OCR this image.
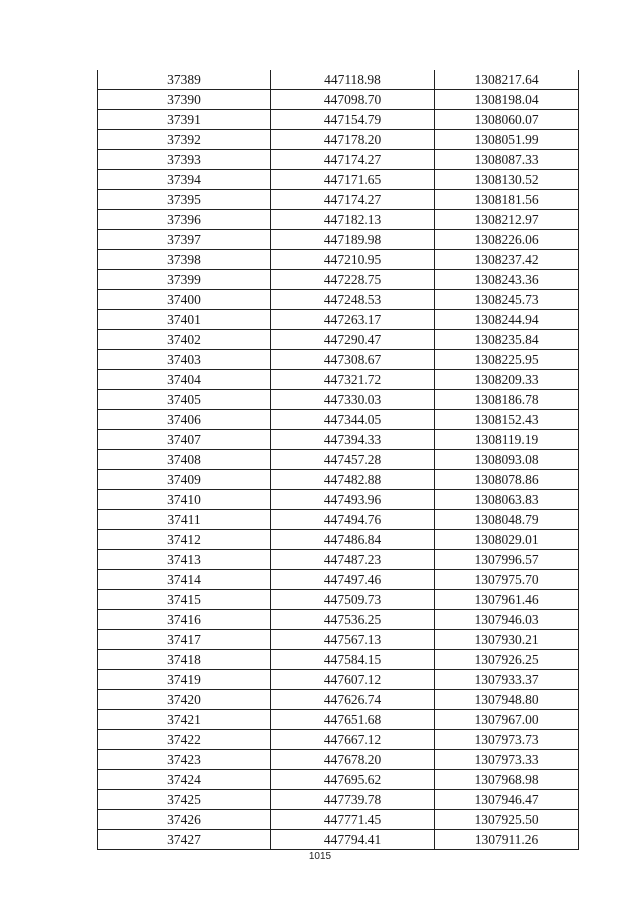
37389	447118.98	1308217.64
37390	447098.70	1308198.04
37391	447154.79	1308060.07
37392	447178.20	1308051.99
37393	447174.27	1308087.33
37394	447171.65	1308130.52
37395	447174.27	1308181.56
37396	447182.13	1308212.97
37397	447189.98	1308226.06
37398	447210.95	1308237.42
37399	447228.75	1308243.36
37400	447248.53	1308245.73
37401	447263.17	1308244.94
37402	447290.47	1308235.84
37403	447308.67	1308225.95
37404	447321.72	1308209.33
37405	447330.03	1308186.78
37406	447344.05	1308152.43
37407	447394.33	1308119.19
37408	447457.28	1308093.08
37409	447482.88	1308078.86
37410	447493.96	1308063.83
37411	447494.76	1308048.79
37412	447486.84	1308029.01
37413	447487.23	1307996.57
37414	447497.46	1307975.70
37415	447509.73	1307961.46
37416	447536.25	1307946.03
37417	447567.13	1307930.21
37418	447584.15	1307926.25
37419	447607.12	1307933.37
37420	447626.74	1307948.80
37421	447651.68	1307967.00
37422	447667.12	1307973.73
37423	447678.20	1307973.33
37424	447695.62	1307968.98
37425	447739.78	1307946.47
37426	447771.45	1307925.50
37427	447794.41	1307911.26
1015
